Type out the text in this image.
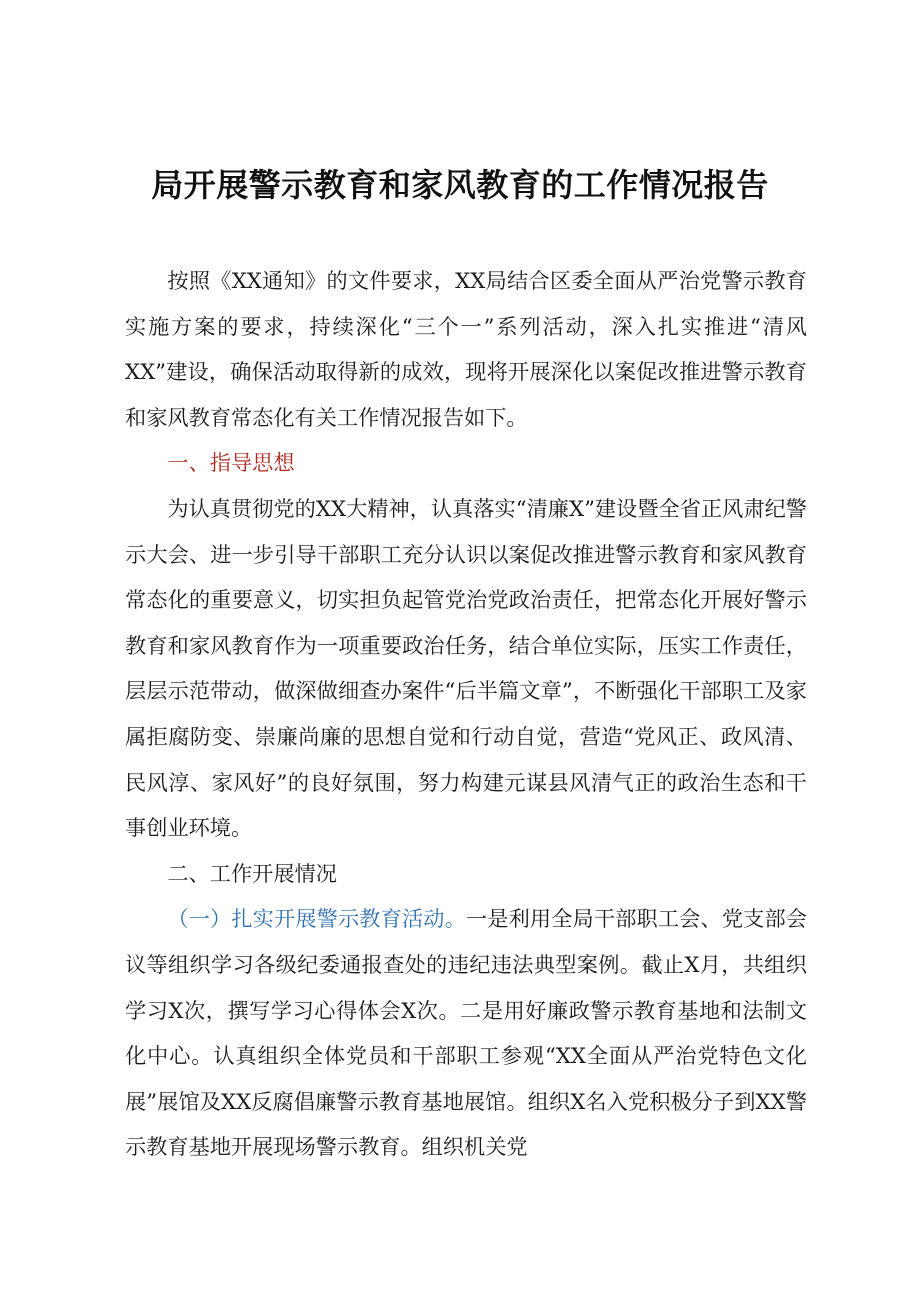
局开展警示教育和家风教育的工作情况报告

按照《XX通知》的文件要求，XX局结合区委全面从严治党警示教育实施方案的要求，持续深化“三个一”系列活动，深入扎实推进“清风XX”建设，确保活动取得新的成效，现将开展深化以案促改推进警示教育和家风教育常态化有关工作情况报告如下。

一、指导思想

为认真贯彻党的XX大精神，认真落实“清廉X”建设暨全省正风肃纪警示大会、进一步引导干部职工充分认识以案促改推进警示教育和家风教育常态化的重要意义，切实担负起管党治党政治责任，把常态化开展好警示教育和家风教育作为一项重要政治任务，结合单位实际，压实工作责任，层层示范带动，做深做细查办案件“后半篇文章”，不断强化干部职工及家属拒腐防变、崇廉尚廉的思想自觉和行动自觉，营造“党风正、政风清、民风淳、家风好”的良好氛围，努力构建元谋县风清气正的政治生态和干事创业环境。

二、工作开展情况

（一）扎实开展警示教育活动。一是利用全局干部职工会、党支部会议等组织学习各级纪委通报查处的违纪违法典型案例。截止X月，共组织学习X次，撰写学习心得体会X次。二是用好廉政警示教育基地和法制文化中心。认真组织全体党员和干部职工参观“XX全面从严治党特色文化展”展馆及XX反腐倡廉警示教育基地展馆。组织X名入党积极分子到XX警示教育基地开展现场警示教育。组织机关党
